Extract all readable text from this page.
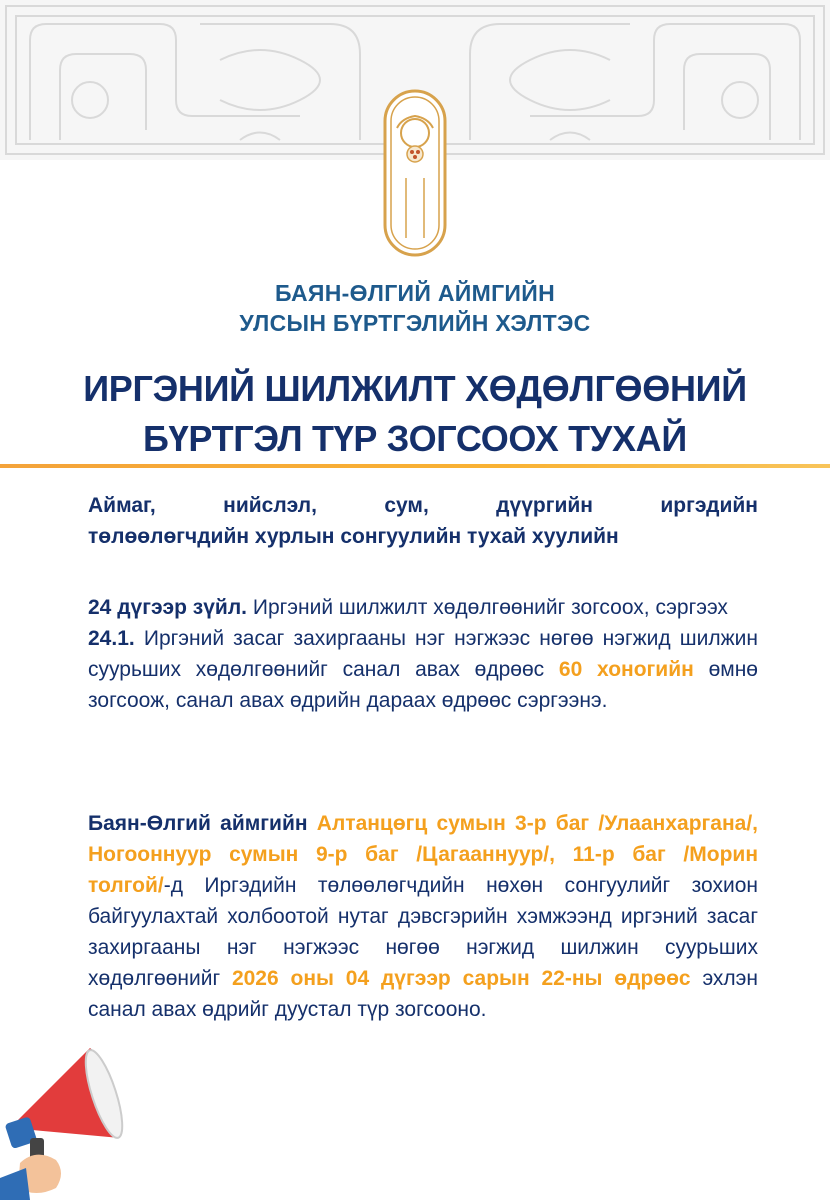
БАЯН-ӨЛГИЙ АЙМГИЙН
УЛСЫН БҮРТГЭЛИЙН ХЭЛТЭС
ИРГЭНИЙ ШИЛЖИЛТ ХӨДӨЛГӨӨНИЙ
БҮРТГЭЛ ТҮР ЗОГСООХ ТУХАЙ
Аймаг, нийслэл, сум, дүүргийн иргэдийн
төлөөлөгчдийн хурлын сонгуулийн тухай хуулийн
24 дүгээр зүйл. Иргэний шилжилт хөдөлгөөнийг зогсоох, сэргээх
24.1. Иргэний засаг захиргааны нэг нэгжээс нөгөө нэгжид шилжин суурьших хөдөлгөөнийг санал авах өдрөөс 60 хоногийн өмнө зогсоож, санал авах өдрийн дараах өдрөөс сэргээнэ.
Баян-Өлгий аймгийн Алтанцөгц сумын 3-р баг /Улаанхаргана/, Ногооннуур сумын 9-р баг /Цагааннуур/, 11-р баг /Морин толгой/-д Иргэдийн төлөөлөгчдийн нөхөн сонгуулийг зохион байгуулахтай холбоотой нутаг дэвсгэрийн хэмжээнд иргэний засаг захиргааны нэг нэгжээс нөгөө нэгжид шилжин суурьших хөдөлгөөнийг 2026 оны 04 дүгээр сарын 22-ны өдрөөс эхлэн санал авах өдрийг дуустал түр зогсооно.
